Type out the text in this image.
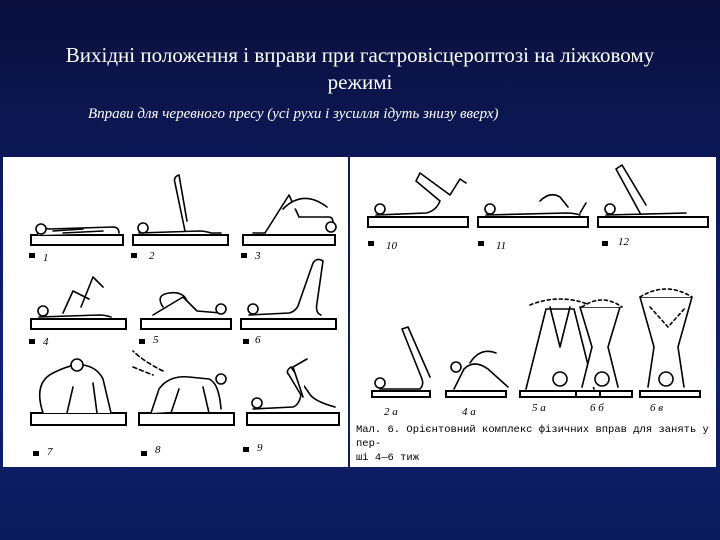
Вихідні положення і вправи при гастровісцероптозі на ліжковому режимі
Вправи для черевного пресу (усі рухи і зусилля ідуть знизу вверх)
1	2	3
4	5	6
7	8	9
10	11	12
2 а	4 а	5 а	6 б	6 в
Мал. 6. Орієнтовний комплекс фізичних вправ для занять у пер-
ші 4—6 тиж
